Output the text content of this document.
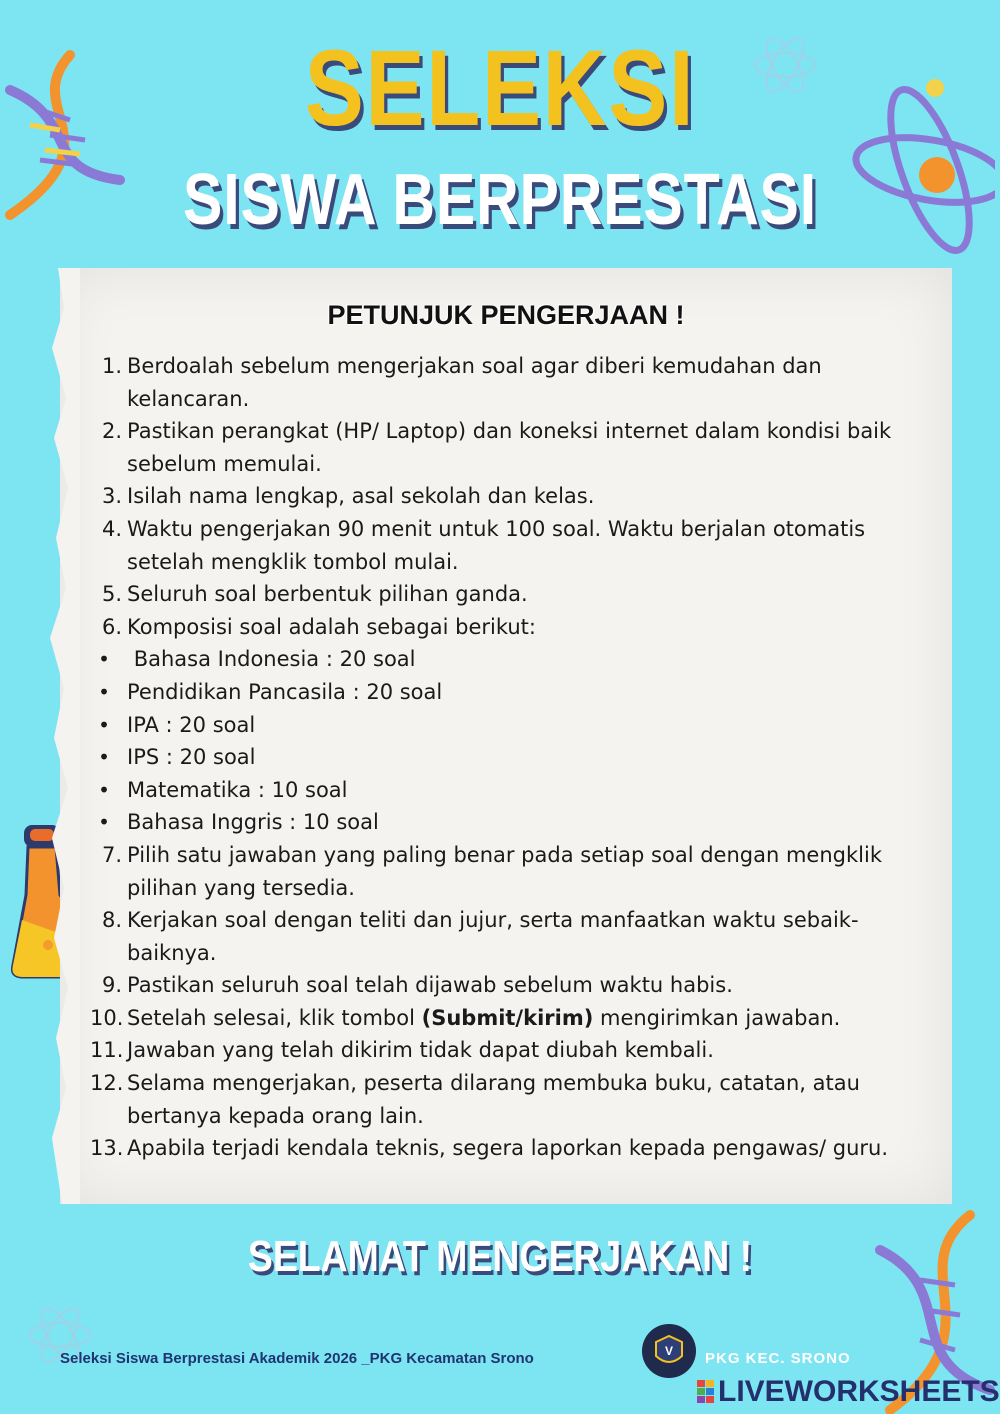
SELEKSI
SISWA BERPRESTASI
PETUNJUK PENGERJAAN !
1. Berdoalah sebelum mengerjakan soal agar diberi kemudahan dan kelancaran.
2. Pastikan perangkat (HP/ Laptop) dan koneksi internet dalam kondisi baik sebelum memulai.
3. Isilah nama lengkap, asal sekolah dan kelas.
4. Waktu pengerjakan 90 menit untuk 100 soal. Waktu berjalan otomatis setelah mengklik tombol mulai.
5. Seluruh soal berbentuk pilihan ganda.
6. Komposisi soal adalah sebagai berikut:
• Bahasa Indonesia : 20 soal
• Pendidikan Pancasila : 20 soal
• IPA : 20 soal
• IPS : 20 soal
• Matematika : 10 soal
• Bahasa Inggris : 10 soal
7. Pilih satu jawaban yang paling benar pada setiap soal dengan mengklik pilihan yang tersedia.
8. Kerjakan soal dengan teliti dan jujur, serta manfaatkan waktu sebaik-baiknya.
9. Pastikan seluruh soal telah dijawab sebelum waktu habis.
10. Setelah selesai, klik tombol (Submit/kirim) mengirimkan jawaban.
11. Jawaban yang telah dikirim tidak dapat diubah kembali.
12. Selama mengerjakan, peserta dilarang membuka buku, catatan, atau bertanya kepada orang lain.
13. Apabila terjadi kendala teknis, segera laporkan kepada pengawas/ guru.
SELAMAT MENGERJAKAN !
Seleksi Siswa Berprestasi Akademik 2026 _PKG Kecamatan Srono	V PKG KEC. SRONO
LIVEWORKSHEETS
